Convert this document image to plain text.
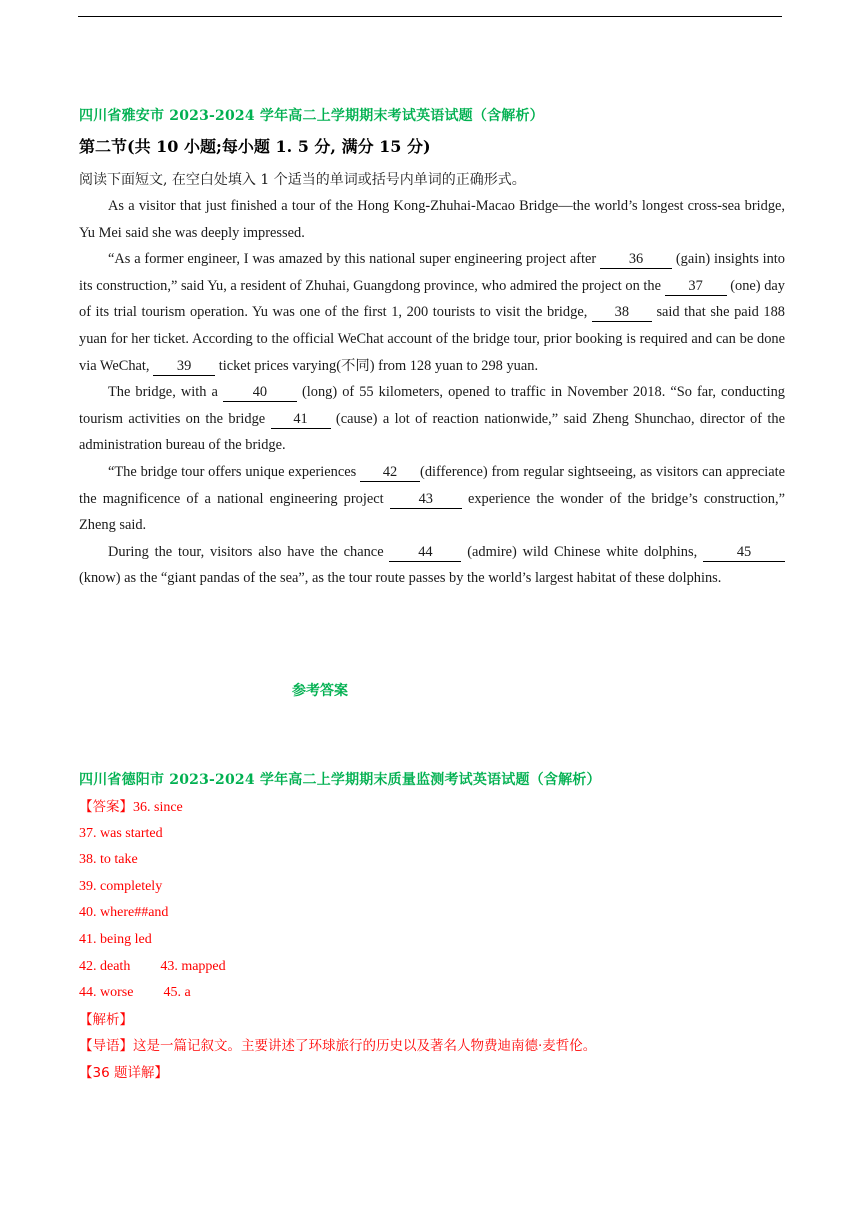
四川省雅安市 2023-2024 学年高二上学期期末考试英语试题（含解析）
第二节(共 10 小题;每小题 1. 5 分, 满分 15 分)
阅读下面短文, 在空白处填入 1 个适当的单词或括号内单词的正确形式。

As a visitor that just finished a tour of the Hong Kong-Zhuhai-Macao Bridge—the world’s longest cross-sea bridge, Yu Mei said she was deeply impressed.

“As a former engineer, I was amazed by this national super engineering project after 36 (gain) insights into its construction,” said Yu, a resident of Zhuhai, Guangdong province, who admired the project on the 37 (one) day of its trial tourism operation. Yu was one of the first 1, 200 tourists to visit the bridge, 38 said that she paid 188 yuan for her ticket. According to the official WeChat account of the bridge tour, prior booking is required and can be done via WeChat, 39 ticket prices varying(不同) from 128 yuan to 298 yuan.

The bridge, with a 40 (long) of 55 kilometers, opened to traffic in November 2018. “So far, conducting tourism activities on the bridge 41 (cause) a lot of reaction nationwide,” said Zheng Shunchao, director of the administration bureau of the bridge.

“The bridge tour offers unique experiences 42 (difference) from regular sightseeing, as visitors can appreciate the magnificence of a national engineering project 43 experience the wonder of the bridge’s construction,” Zheng said.

During the tour, visitors also have the chance 44 (admire) wild Chinese white dolphins, 45 (know) as the “giant pandas of the sea”, as the tour route passes by the world’s largest habitat of these dolphins.

参考答案
四川省德阳市 2023-2024 学年高二上学期期末质量监测考试英语试题（含解析）
【答案】36. since
37. was started
38. to take
39. completely
40. where##and
41. being led
42. death 43. mapped
44. worse 45. a
【解析】
【导语】这是一篇记叙文。主要讲述了环球旅行的历史以及著名人物费迪南德·麦哲伦。
【36 题详解】
